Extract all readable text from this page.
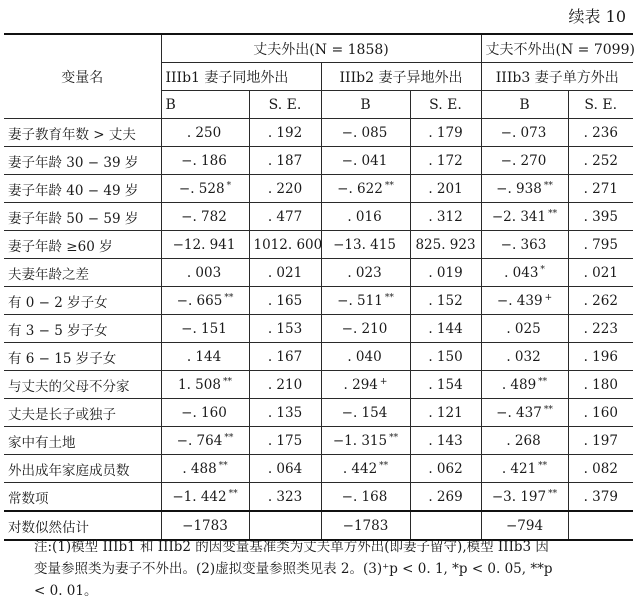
续表 10
变量名	丈夫外出(N = 1858)				丈夫不外出(N = 7099)	
	IIIb1 妻子同地外出		IIIb2 妻子异地外出		IIIb3 妻子单方外出	
	B	S. E.	B	S. E.	B	S. E.
妻子教育年数 > 丈夫	. 250	. 192	−. 085	. 179	−. 073	. 236
妻子年龄 30 − 39 岁	−. 186	. 187	−. 041	. 172	−. 270	. 252
妻子年龄 40 − 49 岁	−. 528 *	. 220	−. 622 **	. 201	−. 938 **	. 271
妻子年龄 50 − 59 岁	−. 782	. 477	. 016	. 312	−2. 341 **	. 395
妻子年龄 ≥60 岁	−12. 941	1012. 600	−13. 415	825. 923	−. 363	. 795
夫妻年龄之差	. 003	. 021	. 023	. 019	. 043 *	. 021
有 0 − 2 岁子女	−. 665 **	. 165	−. 511 **	. 152	−. 439 +	. 262
有 3 − 5 岁子女	−. 151	. 153	−. 210	. 144	. 025	. 223
有 6 − 15 岁子女	. 144	. 167	. 040	. 150	. 032	. 196
与丈夫的父母不分家	1. 508 **	. 210	. 294 +	. 154	. 489 **	. 180
丈夫是长子或独子	−. 160	. 135	−. 154	. 121	−. 437 **	. 160
家中有土地	−. 764 **	. 175	−1. 315 **	. 143	. 268	. 197
外出成年家庭成员数	. 488 **	. 064	. 442 **	. 062	. 421 **	. 082
常数项	−1. 442 **	. 323	−. 168	. 269	−3. 197 **	. 379
对数似然估计	−1783		−1783		−794	
注:(1)模型 IIIb1 和 IIIb2 的因变量基准类为丈夫单方外出(即妻子留守),模型 IIIb3 因
变量参照类为妻子不外出。(2)虚拟变量参照类见表 2。(3)⁺p < 0. 1, *p < 0. 05, **p
< 0. 01。
